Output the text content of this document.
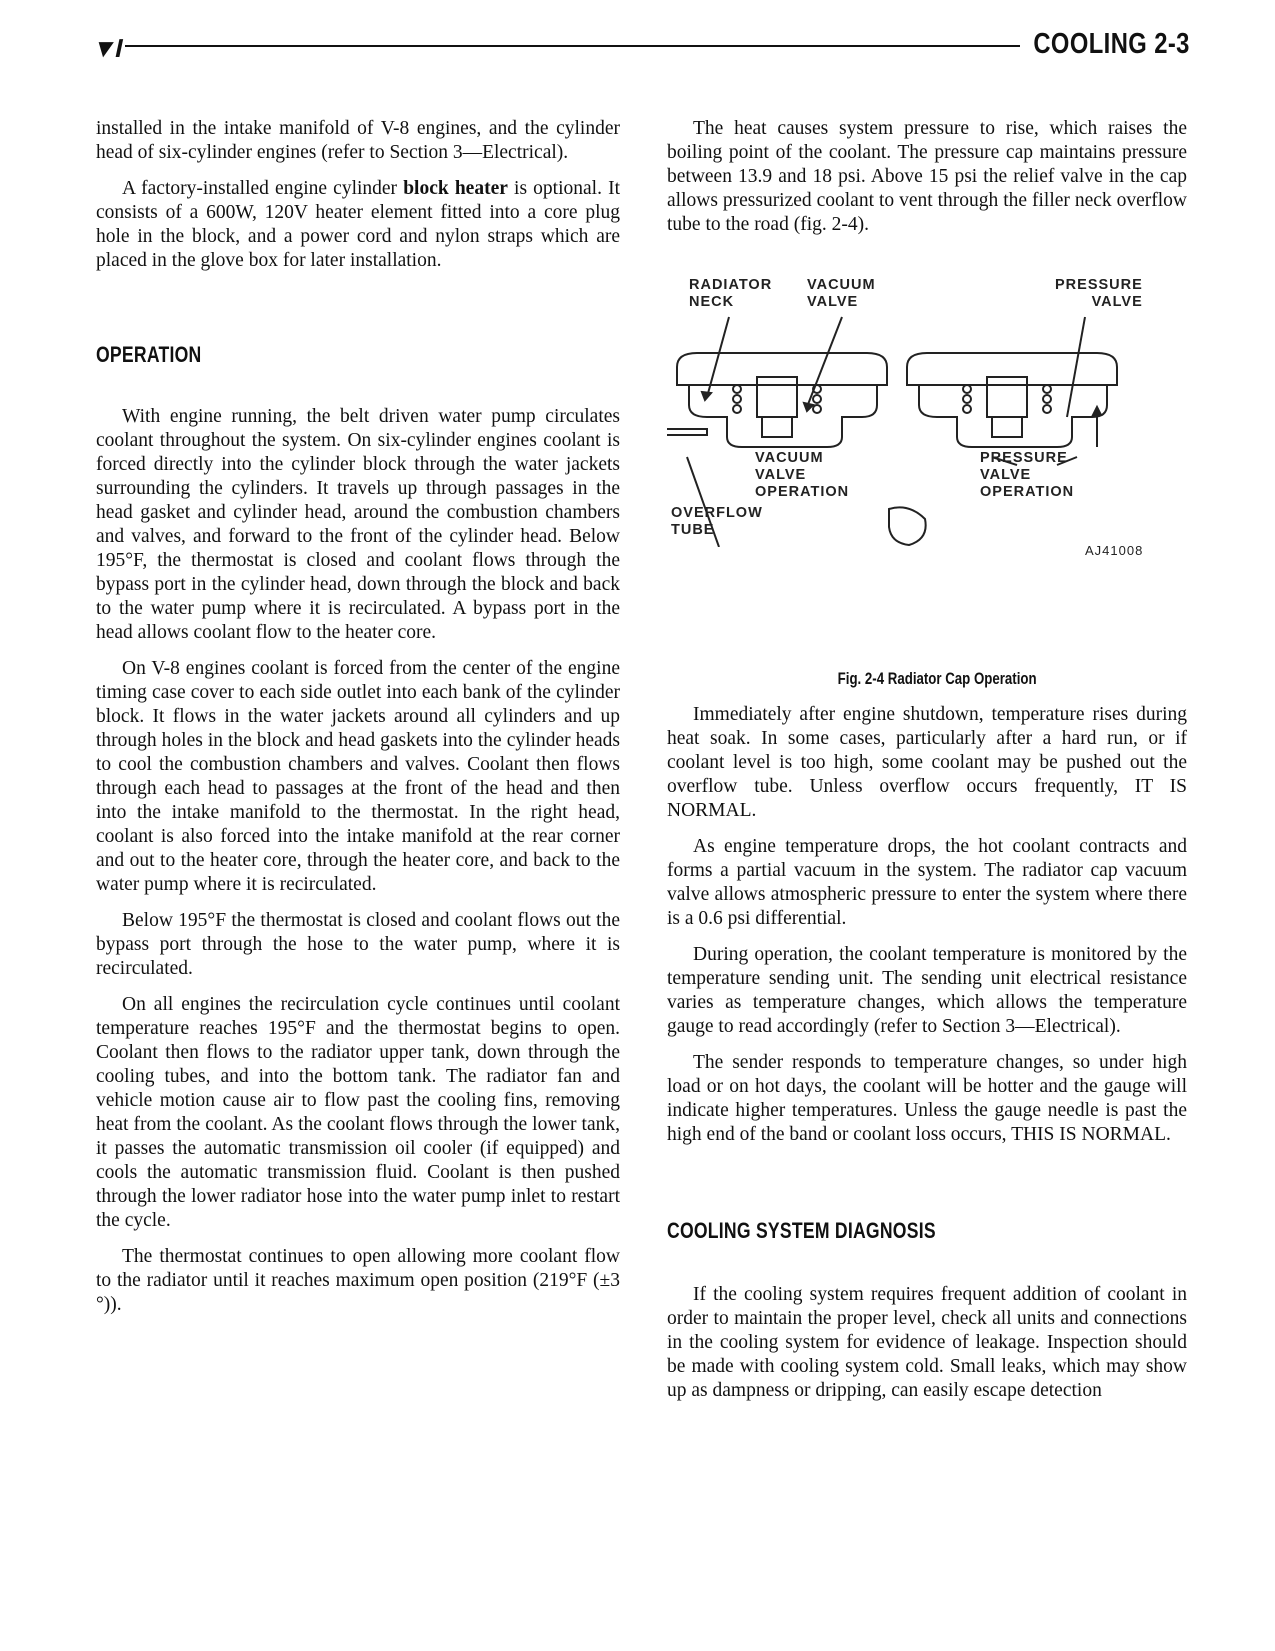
▼I	COOLING 2-3

installed in the intake manifold of V-8 engines, and the cylinder head of six-cylinder engines (refer to Section 3—Electrical).

A factory-installed engine cylinder block heater is optional. It consists of a 600W, 120V heater element fitted into a core plug hole in the block, and a power cord and nylon straps which are placed in the glove box for later installation.

OPERATION

With engine running, the belt driven water pump circulates coolant throughout the system. On six-cylinder engines coolant is forced directly into the cylinder block through the water jackets surrounding the cylinders. It travels up through passages in the head gasket and cylinder head, around the combustion chambers and valves, and forward to the front of the cylinder head. Below 195°F, the thermostat is closed and coolant flows through the bypass port in the cylinder head, down through the block and back to the water pump where it is recirculated. A bypass port in the head allows coolant flow to the heater core.

On V-8 engines coolant is forced from the center of the engine timing case cover to each side outlet into each bank of the cylinder block. It flows in the water jackets around all cylinders and up through holes in the block and head gaskets into the cylinder heads to cool the combustion chambers and valves. Coolant then flows through each head to passages at the front of the head and then into the intake manifold to the thermostat. In the right head, coolant is also forced into the intake manifold at the rear corner and out to the heater core, through the heater core, and back to the water pump where it is recirculated.

Below 195°F the thermostat is closed and coolant flows out the bypass port through the hose to the water pump, where it is recirculated.

On all engines the recirculation cycle continues until coolant temperature reaches 195°F and the thermostat begins to open. Coolant then flows to the radiator upper tank, down through the cooling tubes, and into the bottom tank. The radiator fan and vehicle motion cause air to flow past the cooling fins, removing heat from the coolant. As the coolant flows through the lower tank, it passes the automatic transmission oil cooler (if equipped) and cools the automatic transmission fluid. Coolant is then pushed through the lower radiator hose into the water pump inlet to restart the cycle.

The thermostat continues to open allowing more coolant flow to the radiator until it reaches maximum open position (219°F (±3 °)).

The heat causes system pressure to rise, which raises the boiling point of the coolant. The pressure cap maintains pressure between 13.9 and 18 psi. Above 15 psi the relief valve in the cap allows pressurized coolant to vent through the filler neck overflow tube to the road (fig. 2-4).

RADIATOR
NECK
VACUUM
VALVE
PRESSURE
VALVE
VACUUM
VALVE
OPERATION
PRESSURE
VALVE
OPERATION
OVERFLOW
TUBE
AJ41008

Fig. 2-4 Radiator Cap Operation

Immediately after engine shutdown, temperature rises during heat soak. In some cases, particularly after a hard run, or if coolant level is too high, some coolant may be pushed out the overflow tube. Unless overflow occurs frequently, IT IS NORMAL.

As engine temperature drops, the hot coolant contracts and forms a partial vacuum in the system. The radiator cap vacuum valve allows atmospheric pressure to enter the system where there is a 0.6 psi differential.

During operation, the coolant temperature is monitored by the temperature sending unit. The sending unit electrical resistance varies as temperature changes, which allows the temperature gauge to read accordingly (refer to Section 3—Electrical).

The sender responds to temperature changes, so under high load or on hot days, the coolant will be hotter and the gauge will indicate higher temperatures. Unless the gauge needle is past the high end of the band or coolant loss occurs, THIS IS NORMAL.

COOLING SYSTEM DIAGNOSIS

If the cooling system requires frequent addition of coolant in order to maintain the proper level, check all units and connections in the cooling system for evidence of leakage. Inspection should be made with cooling system cold. Small leaks, which may show up as dampness or dripping, can easily escape detection
